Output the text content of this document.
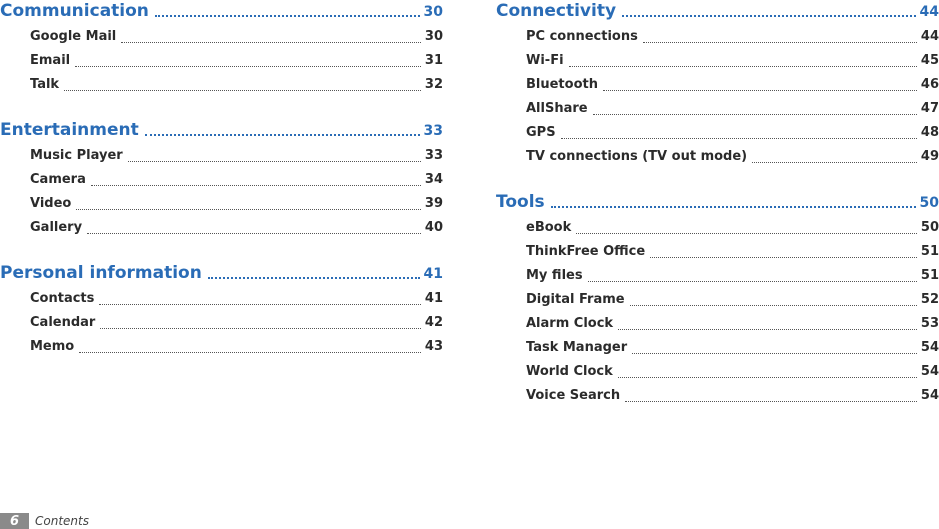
Communication	30
Google Mail	30
Email	31
Talk	32
Entertainment	33
Music Player	33
Camera	34
Video	39
Gallery	40
Personal information	41
Contacts	41
Calendar	42
Memo	43
Connectivity	44
PC connections	44
Wi-Fi	45
Bluetooth	46
AllShare	47
GPS	48
TV connections (TV out mode)	49
Tools	50
eBook	50
ThinkFree Office	51
My files	51
Digital Frame	52
Alarm Clock	53
Task Manager	54
World Clock	54
Voice Search	54
6	Contents
